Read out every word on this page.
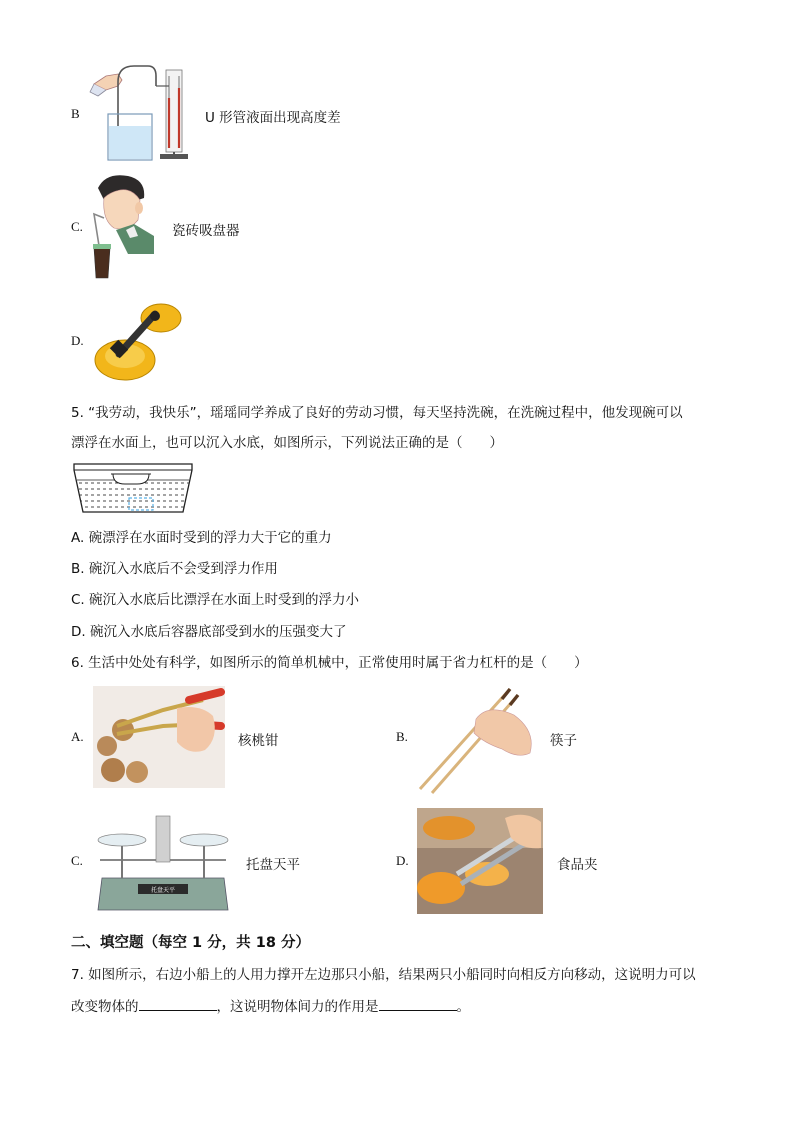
B	U 形管液面出现高度差
C.	瓷砖吸盘器
D.
5. “我劳动，我快乐”，瑶瑶同学养成了良好的劳动习惯，每天坚持洗碗，在洗碗过程中，他发现碗可以
漂浮在水面上，也可以沉入水底，如图所示，下列说法正确的是（　　）
A. 碗漂浮在水面时受到的浮力大于它的重力
B. 碗沉入水底后不会受到浮力作用
C. 碗沉入水底后比漂浮在水面上时受到的浮力小
D. 碗沉入水底后容器底部受到水的压强变大了
6. 生活中处处有科学，如图所示的简单机械中，正常使用时属于省力杠杆的是（　　）
A.	核桃钳	B.	筷子
C.
托盘天平
托盘天平	D.	食品夹
二、填空题（每空 1 分，共 18 分）
7. 如图所示，右边小船上的人用力撑开左边那只小船，结果两只小船同时向相反方向移动，这说明力可以
改变物体的	，这说明物体间力的作用是	。
